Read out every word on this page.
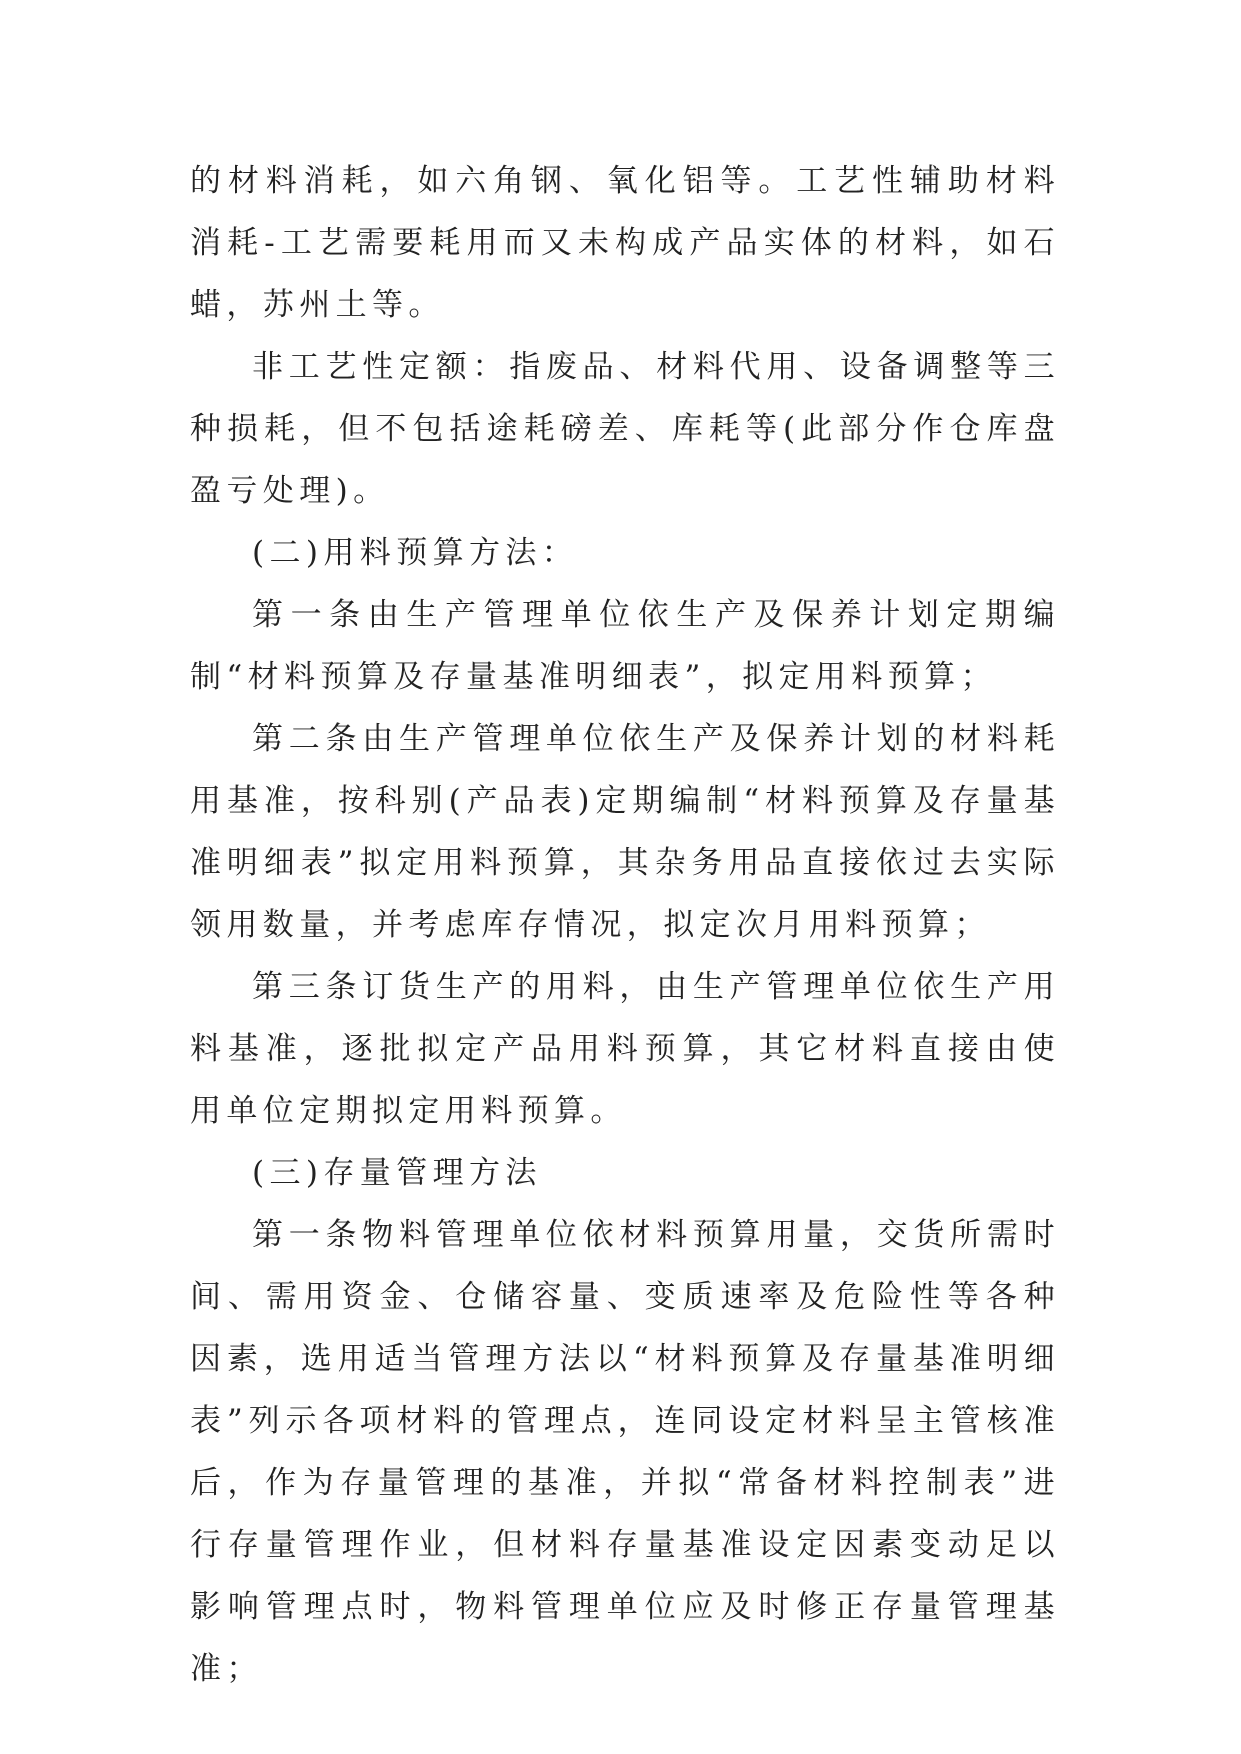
的材料消耗，如六角钢、氧化铝等。工艺性辅助材料消耗-工艺需要耗用而又未构成产品实体的材料，如石蜡，苏州土等。

非工艺性定额：指废品、材料代用、设备调整等三种损耗，但不包括途耗磅差、库耗等(此部分作仓库盘盈亏处理)。

(二)用料预算方法：

第一条由生产管理单位依生产及保养计划定期编制“材料预算及存量基准明细表”，拟定用料预算；

第二条由生产管理单位依生产及保养计划的材料耗用基准，按科别(产品表)定期编制“材料预算及存量基准明细表”拟定用料预算，其杂务用品直接依过去实际领用数量，并考虑库存情况，拟定次月用料预算；

第三条订货生产的用料，由生产管理单位依生产用料基准，逐批拟定产品用料预算，其它材料直接由使用单位定期拟定用料预算。

(三)存量管理方法

第一条物料管理单位依材料预算用量，交货所需时间、需用资金、仓储容量、变质速率及危险性等各种因素，选用适当管理方法以“材料预算及存量基准明细表”列示各项材料的管理点，连同设定材料呈主管核准后，作为存量管理的基准，并拟“常备材料控制表”进行存量管理作业，但材料存量基准设定因素变动足以影响管理点时，物料管理单位应及时修正存量管理基准；
